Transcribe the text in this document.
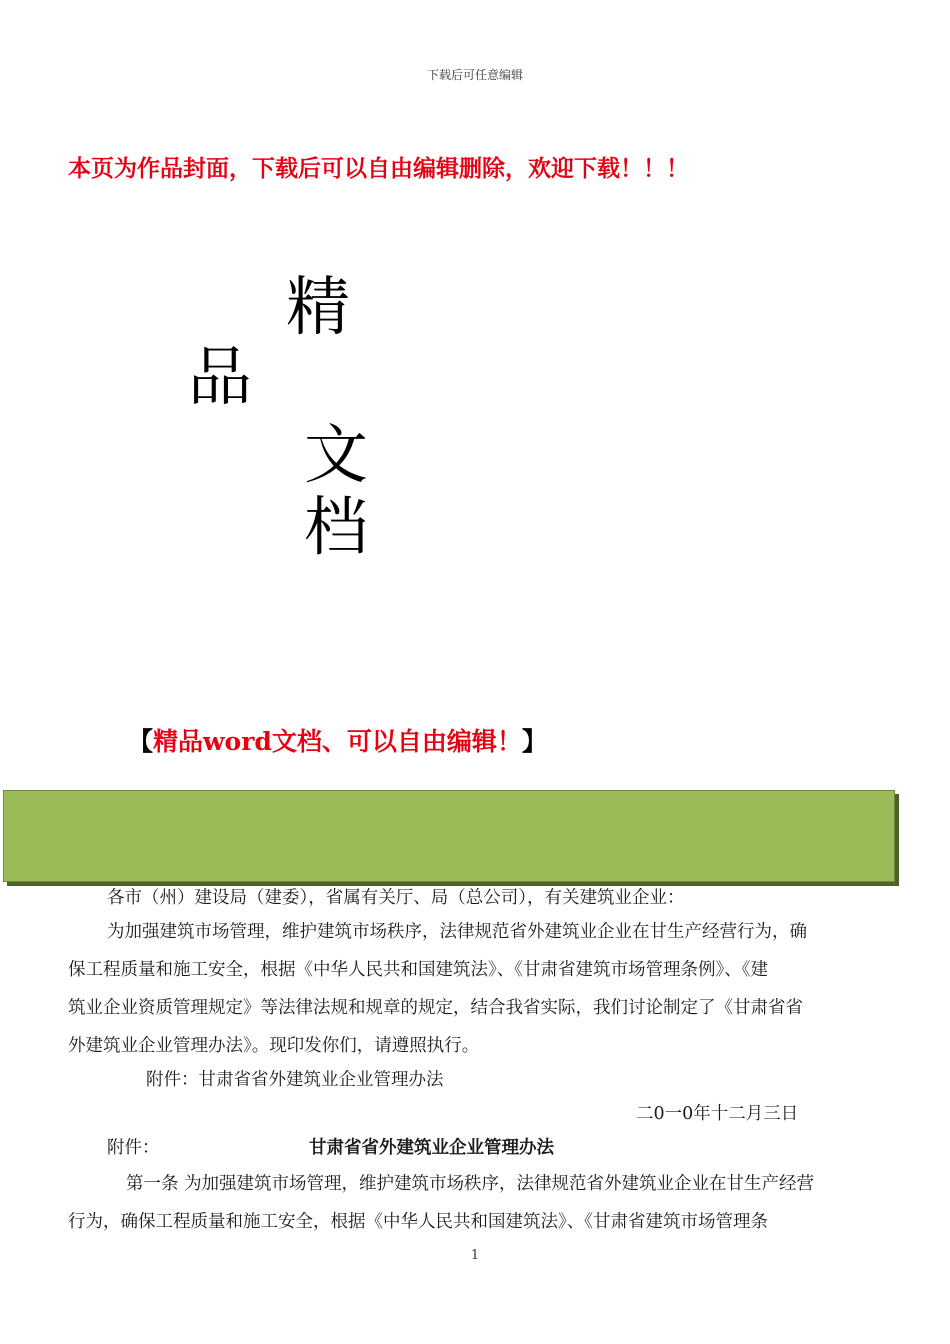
下载后可任意编辑
本页为作品封面，下载后可以自由编辑删除，欢迎下载！！！
精
品
文
档
【精品word文档、可以自由编辑！】
各市（州）建设局（建委），省属有关厅、局（总公司），有关建筑业企业：
为加强建筑市场管理，维护建筑市场秩序，法律规范省外建筑业企业在甘生产经营行为，确
保工程质量和施工安全，根据《中华人民共和国建筑法》、《甘肃省建筑市场管理条例》、《建
筑业企业资质管理规定》等法律法规和规章的规定，结合我省实际，我们讨论制定了《甘肃省省
外建筑业企业管理办法》。现印发你们，请遵照执行。
附件：甘肃省省外建筑业企业管理办法
二0一0年十二月三日
附件：	甘肃省省外建筑业企业管理办法
第一条 为加强建筑市场管理，维护建筑市场秩序，法律规范省外建筑业企业在甘生产经营
行为，确保工程质量和施工安全，根据《中华人民共和国建筑法》、《甘肃省建筑市场管理条
1
